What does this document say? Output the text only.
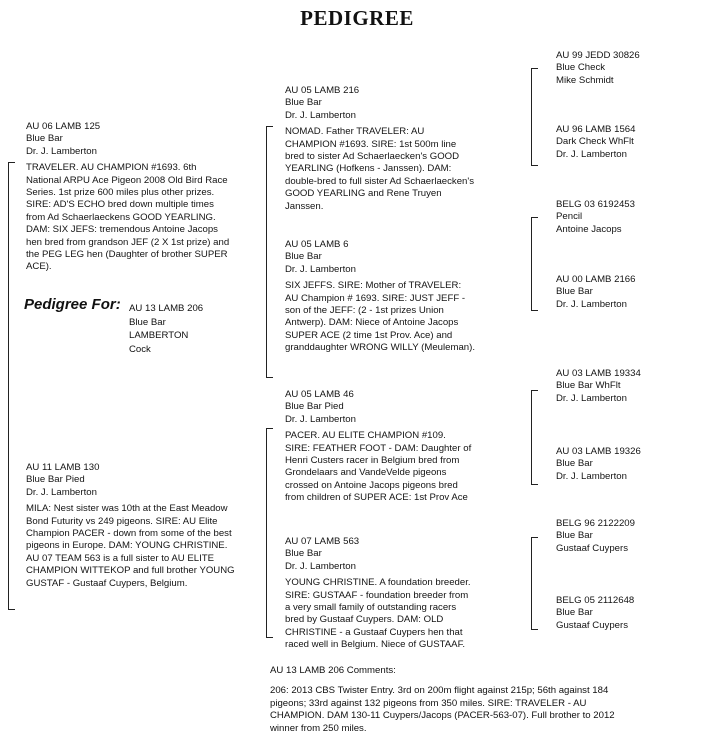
PEDIGREE
AU 06 LAMB 125
Blue Bar
Dr. J. Lamberton
TRAVELER. AU CHAMPION #1693. 6th
National ARPU Ace Pigeon 2008 Old Bird Race
Series. 1st prize 600 miles plus other prizes.
SIRE: AD'S ECHO bred down multiple times
from Ad Schaerlaeckens GOOD YEARLING.
DAM: SIX JEFS: tremendous Antoine Jacops
hen bred from grandson JEF (2 X 1st prize) and
the PEG LEG hen (Daughter of brother SUPER
ACE).
Pedigree For: AU 13 LAMB 206
Blue Bar
LAMBERTON
Cock
AU 11 LAMB 130
Blue Bar Pied
Dr. J. Lamberton
MILA: Nest sister was 10th at the East Meadow
Bond Futurity vs 249 pigeons. SIRE: AU Elite
Champion PACER - down from some of the best
pigeons in Europe. DAM: YOUNG CHRISTINE.
AU 07 TEAM 563 is a full sister to AU ELITE
CHAMPION WITTEKOP and full brother YOUNG
GUSTAF - Gustaaf Cuypers, Belgium.
AU 05 LAMB 216
Blue Bar
Dr. J. Lamberton
NOMAD. Father TRAVELER: AU
CHAMPION #1693. SIRE: 1st 500m line
bred to sister Ad Schaerlaecken's GOOD
YEARLING (Hofkens - Janssen). DAM:
double-bred to full sister Ad Schaerlaecken's
GOOD YEARLING and Rene Truyen
Janssen.
AU 05 LAMB 6
Blue Bar
Dr. J. Lamberton
SIX JEFFS. SIRE: Mother of TRAVELER:
AU Champion # 1693. SIRE: JUST JEFF -
son of the JEFF: (2 - 1st prizes Union
Antwerp). DAM: Niece of Antoine Jacops
SUPER ACE (2 time 1st Prov. Ace) and
granddaughter WRONG WILLY (Meuleman).
AU 05 LAMB 46
Blue Bar Pied
Dr. J. Lamberton
PACER. AU ELITE CHAMPION #109.
SIRE: FEATHER FOOT - DAM: Daughter of
Henri Custers racer in Belgium bred from
Grondelaars and VandeVelde pigeons
crossed on Antoine Jacops pigeons bred
from children of SUPER ACE: 1st Prov Ace
AU 07 LAMB 563
Blue Bar
Dr. J. Lamberton
YOUNG CHRISTINE. A foundation breeder.
SIRE: GUSTAAF - foundation breeder from
a very small family of outstanding racers
bred by Gustaaf Cuypers. DAM: OLD
CHRISTINE - a Gustaaf Cuypers hen that
raced well in Belgium. Niece of GUSTAAF.
AU 99 JEDD 30826
Blue Check
Mike Schmidt
AU 96 LAMB 1564
Dark Check WhFlt
Dr. J. Lamberton
BELG 03 6192453
Pencil
Antoine Jacops
AU 00 LAMB 2166
Blue Bar
Dr. J. Lamberton
AU 03 LAMB 19334
Blue Bar WhFlt
Dr. J. Lamberton
AU 03 LAMB 19326
Blue Bar
Dr. J. Lamberton
BELG 96 2122209
Blue Bar
Gustaaf Cuypers
BELG 05 2112648
Blue Bar
Gustaaf Cuypers
AU 13 LAMB 206 Comments:
206: 2013 CBS Twister Entry. 3rd on 200m flight against 215p; 56th against 184
pigeons; 33rd against 132 pigeons from 350 miles. SIRE: TRAVELER - AU
CHAMPION. DAM 130-11 Cuypers/Jacops (PACER-563-07). Full brother to 2012
winner from 250 miles.
